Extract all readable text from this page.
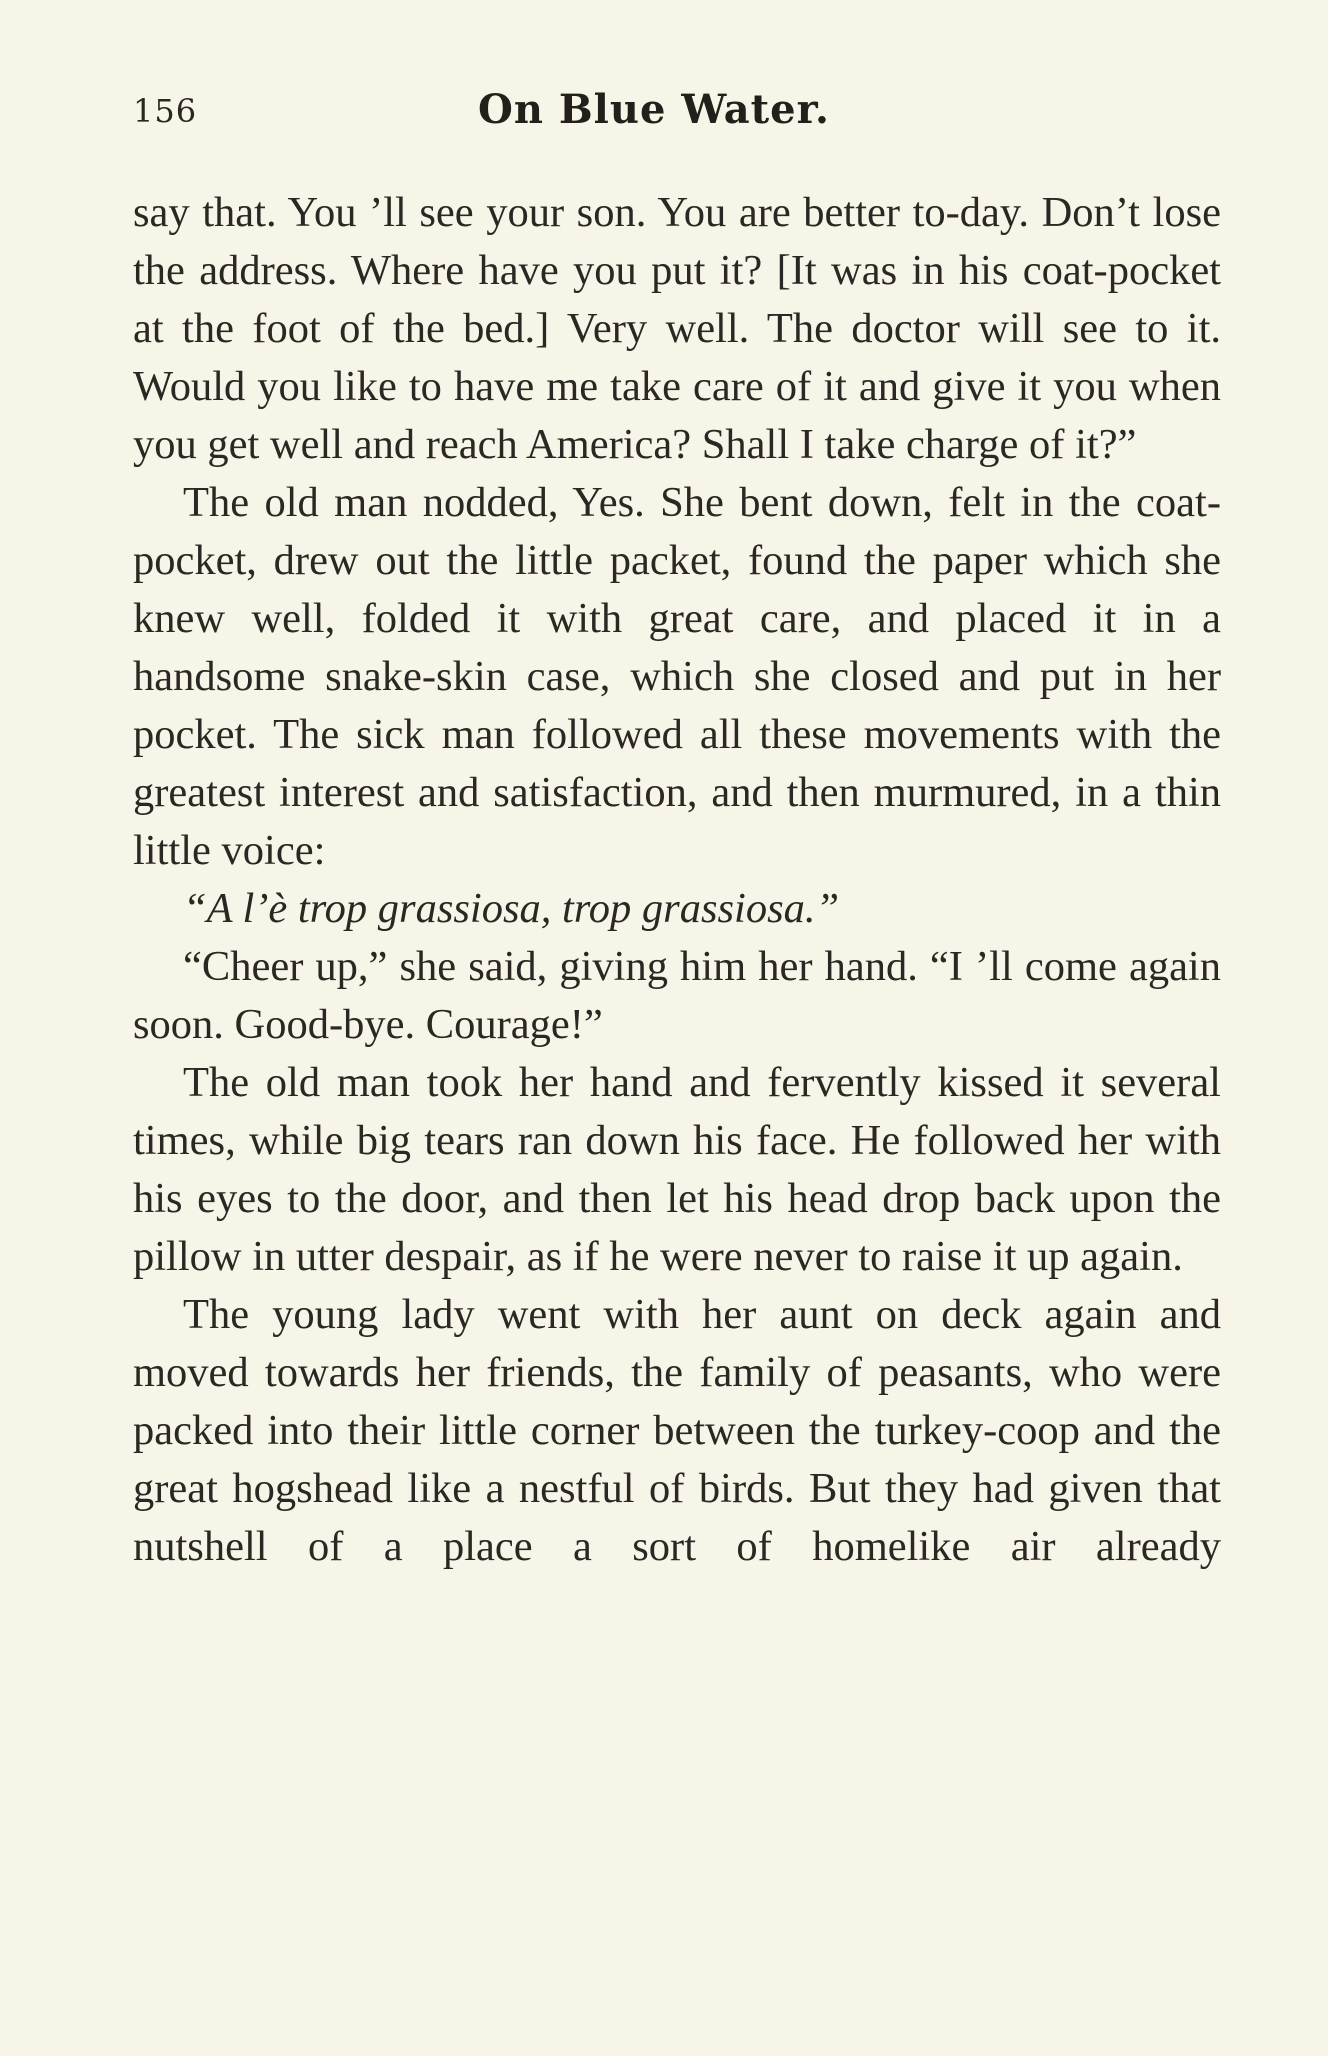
156	On Blue Water.

say that. You ’ll see your son. You are better to-day. Don’t lose the address. Where have you put it? [It was in his coat-pocket at the foot of the bed.] Very well. The doctor will see to it. Would you like to have me take care of it and give it you when you get well and reach America? Shall I take charge of it?”

The old man nodded, Yes. She bent down, felt in the coat-pocket, drew out the little packet, found the paper which she knew well, folded it with great care, and placed it in a handsome snake-skin case, which she closed and put in her pocket. The sick man followed all these movements with the greatest interest and satisfaction, and then murmured, in a thin little voice:

“A l’è trop grassiosa, trop grassiosa.”

“Cheer up,” she said, giving him her hand. “I ’ll come again soon. Good-bye. Courage!”

The old man took her hand and fervently kissed it several times, while big tears ran down his face. He followed her with his eyes to the door, and then let his head drop back upon the pillow in utter despair, as if he were never to raise it up again.

The young lady went with her aunt on deck again and moved towards her friends, the family of peasants, who were packed into their little corner between the turkey-coop and the great hogshead like a nestful of birds. But they had given that nutshell of a place a sort of homelike air already
